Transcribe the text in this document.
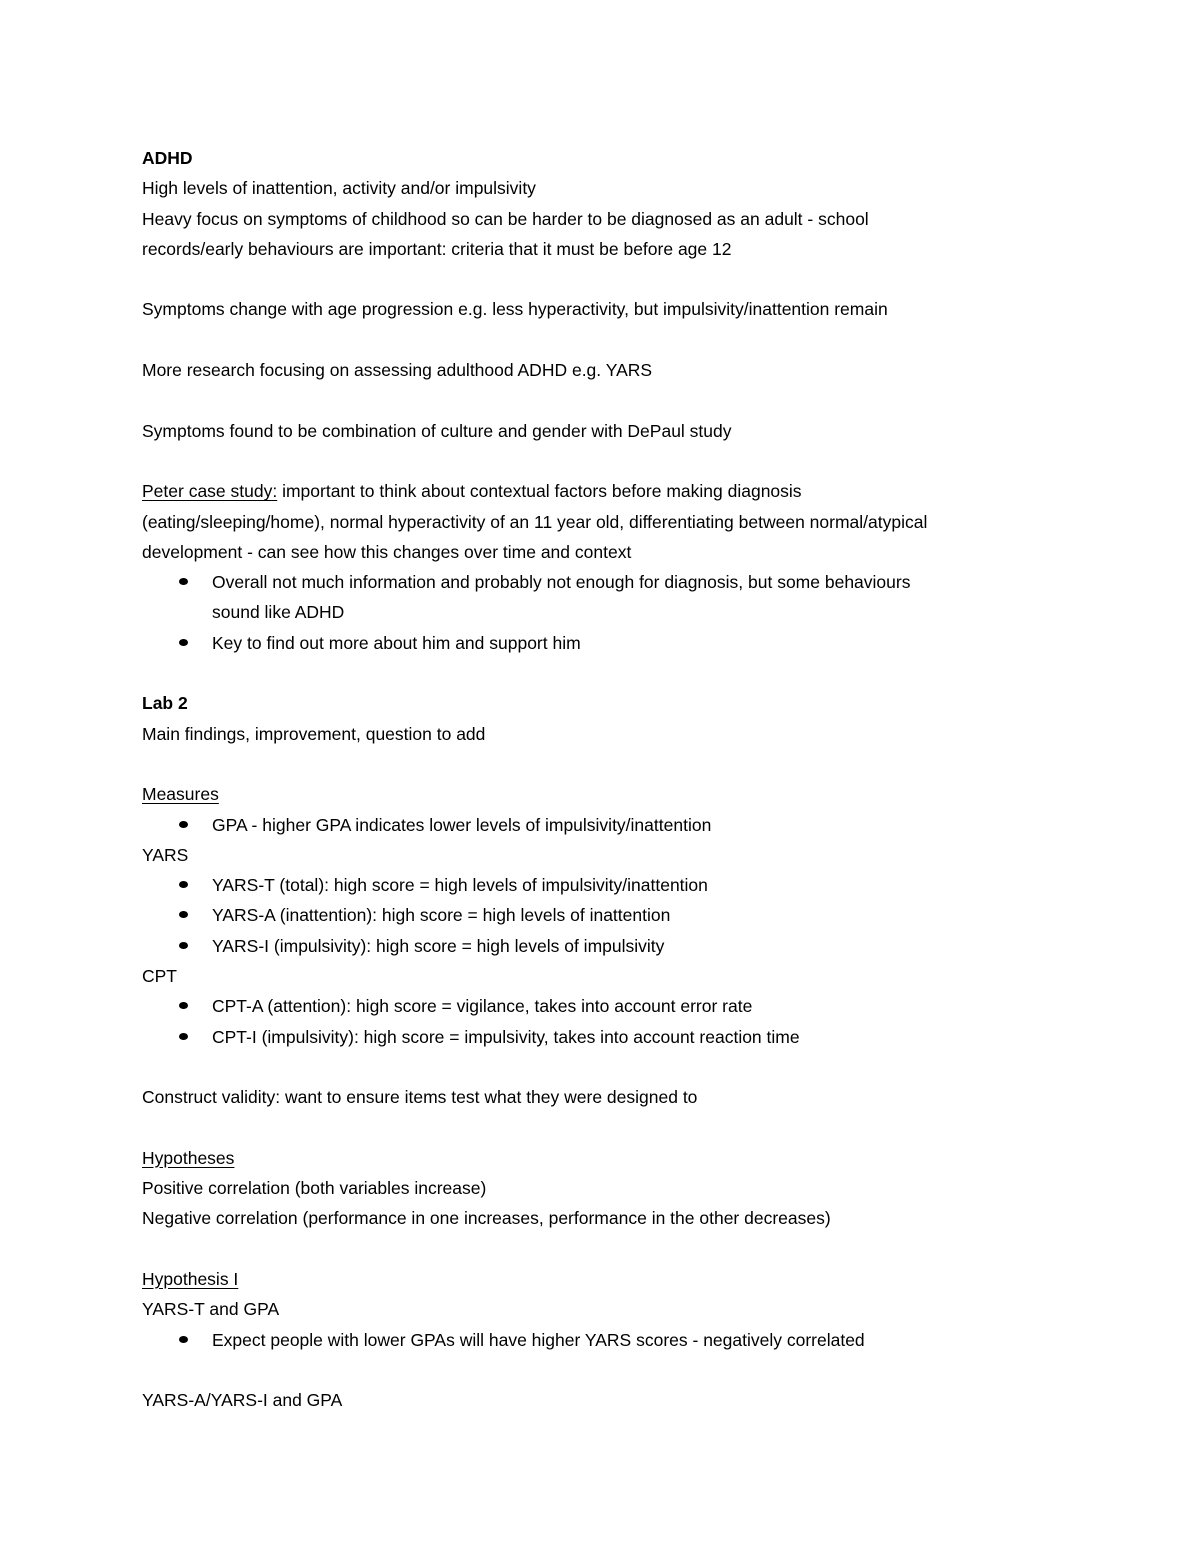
ADHD

High levels of inattention, activity and/or impulsivity

Heavy focus on symptoms of childhood so can be harder to be diagnosed as an adult - school

records/early behaviours are important: criteria that it must be before age 12

Symptoms change with age progression e.g. less hyperactivity, but impulsivity/inattention remain

More research focusing on assessing adulthood ADHD e.g. YARS

Symptoms found to be combination of culture and gender with DePaul study

Peter case study: important to think about contextual factors before making diagnosis

(eating/sleeping/home), normal hyperactivity of an 11 year old, differentiating between normal/atypical

development - can see how this changes over time and context

Overall not much information and probably not enough for diagnosis, but some behaviours

sound like ADHD

Key to find out more about him and support him

Lab 2

Main findings, improvement, question to add

Measures

GPA - higher GPA indicates lower levels of impulsivity/inattention

YARS

YARS-T (total): high score = high levels of impulsivity/inattention

YARS-A (inattention): high score = high levels of inattention

YARS-I (impulsivity): high score = high levels of impulsivity

CPT

CPT-A (attention): high score = vigilance, takes into account error rate

CPT-I (impulsivity): high score = impulsivity, takes into account reaction time

Construct validity: want to ensure items test what they were designed to

Hypotheses

Positive correlation (both variables increase)

Negative correlation (performance in one increases, performance in the other decreases)

Hypothesis I

YARS-T and GPA

Expect people with lower GPAs will have higher YARS scores - negatively correlated

YARS-A/YARS-I and GPA
